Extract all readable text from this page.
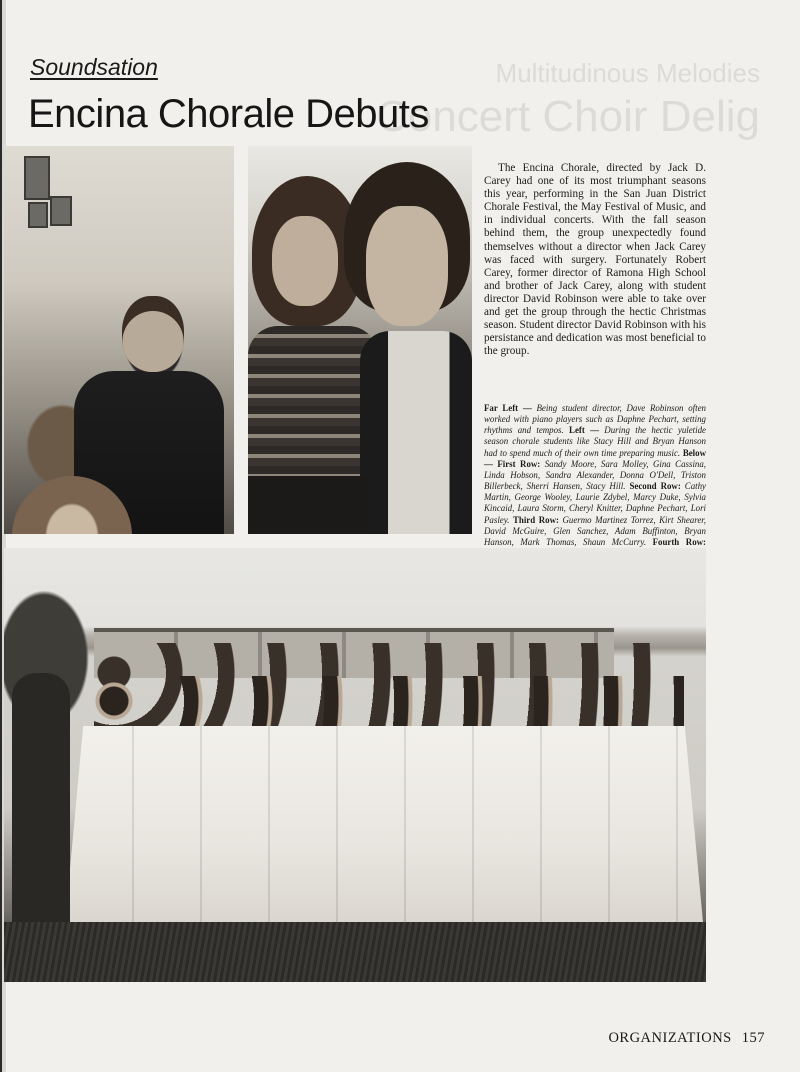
Multitudinous Melodies
Concert Choir Delig
Soundsation
Encina Chorale Debuts

The Encina Chorale, directed by Jack D. Carey had one of its most triumphant seasons this year, performing in the San Juan District Chorale Festival, the May Festival of Music, and in individual concerts. With the fall season behind them, the group unexpectedly found themselves without a director when Jack Carey was faced with surgery. Fortunately Robert Carey, former director of Ramona High School and brother of Jack Carey, along with student director David Robinson were able to take over and get the group through the hectic Christmas season. Student director David Robinson with his persistance and dedication was most beneficial to the group.

Far Left — Being student director, Dave Robinson often worked with piano players such as Daphne Pechart, setting rhythms and tempos. Left — During the hectic yuletide season chorale students like Stacy Hill and Bryan Hanson had to spend much of their own time preparing music. Below — First Row: Sandy Moore, Sara Molley, Gina Cassina, Linda Hobson, Sandra Alexander, Donna O'Dell, Triston Billerbeck, Sherri Hansen, Stacy Hill. Second Row: Cathy Martin, George Wooley, Laurie Zdybel, Marcy Duke, Sylvia Kincaid, Laura Storm, Cheryl Knitter, Daphne Pechart, Lori Pasley. Third Row: Guermo Martinez Torrez, Kirt Shearer, David McGuire, Glen Sanchez, Adam Buffinton, Bryan Hanson, Mark Thomas, Shaun McCurry. Fourth Row:

ORGANIZATIONS 157
